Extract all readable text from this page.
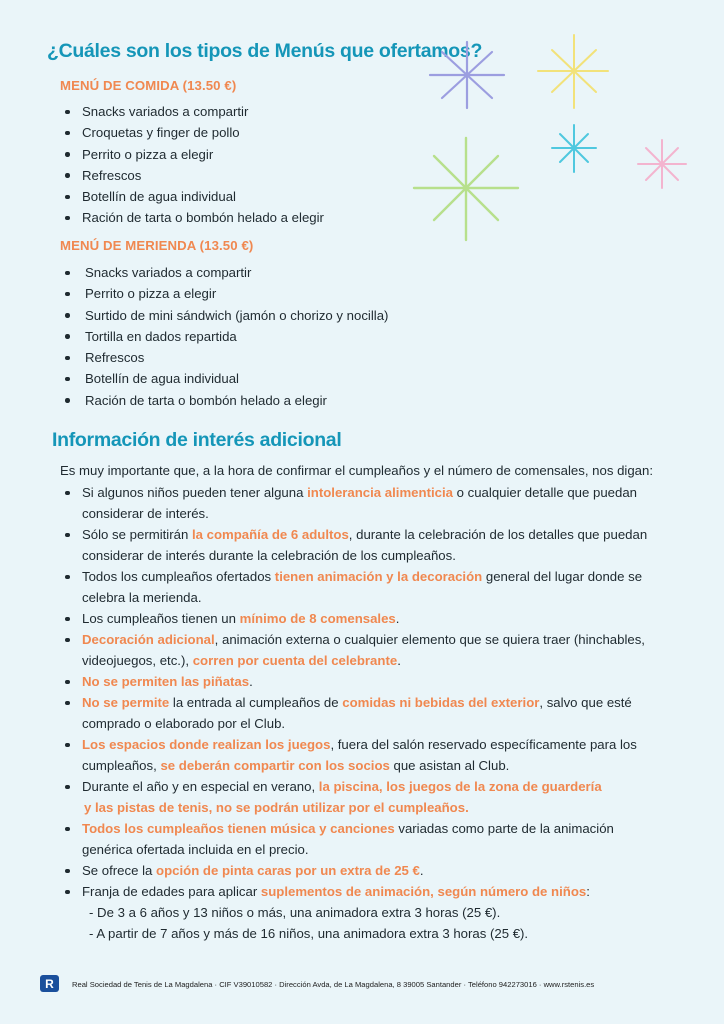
¿Cuáles son los tipos de Menús que ofertamos?
MENÚ DE COMIDA (13.50 €)
Snacks variados a compartir
Croquetas y finger de pollo
Perrito o pizza a elegir
Refrescos
Botellín de agua individual
Ración de tarta o bombón helado a elegir
MENÚ DE MERIENDA (13.50 €)
Snacks variados a compartir
Perrito o pizza a elegir
Surtido de mini sándwich (jamón o chorizo y nocilla)
Tortilla en dados repartida
Refrescos
Botellín de agua individual
Ración de tarta o bombón helado a elegir
Información de interés adicional

Es muy importante que, a la hora de confirmar el cumpleaños y el número de comensales, nos digan:

Si algunos niños pueden tener alguna intolerancia alimenticia o cualquier detalle que puedan
considerar de interés.
Sólo se permitirán la compañía de 6 adultos, durante la celebración de los detalles que puedan
considerar de interés durante la celebración de los cumpleaños.
Todos los cumpleaños ofertados tienen animación y la decoración general del lugar donde se
celebra la merienda.
Los cumpleaños tienen un mínimo de 8 comensales.
Decoración adicional, animación externa o cualquier elemento que se quiera traer (hinchables,
videojuegos, etc.), corren por cuenta del celebrante.
No se permiten las piñatas.
No se permite la entrada al cumpleaños de comidas ni bebidas del exterior, salvo que esté
comprado o elaborado por el Club.
Los espacios donde realizan los juegos, fuera del salón reservado específicamente para los
cumpleaños, se deberán compartir con los socios que asistan al Club.
Durante el año y en especial en verano, la piscina, los juegos de la zona de guardería
y las pistas de tenis, no se podrán utilizar por el cumpleaños.
Todos los cumpleaños tienen música y canciones variadas como parte de la animación
genérica ofertada incluida en el precio.
Se ofrece la opción de pinta caras por un extra de 25 €.
Franja de edades para aplicar suplementos de animación, según número de niños:
- De 3 a 6 años y 13 niños o más, una animadora extra 3 horas (25 €).
- A partir de 7 años y más de 16 niños, una animadora extra 3 horas (25 €).
R Real Sociedad de Tenis de La Magdalena · CIF V39010582 · Dirección Avda, de La Magdalena, 8 39005 Santander · Teléfono 942273016 · www.rstenis.es
